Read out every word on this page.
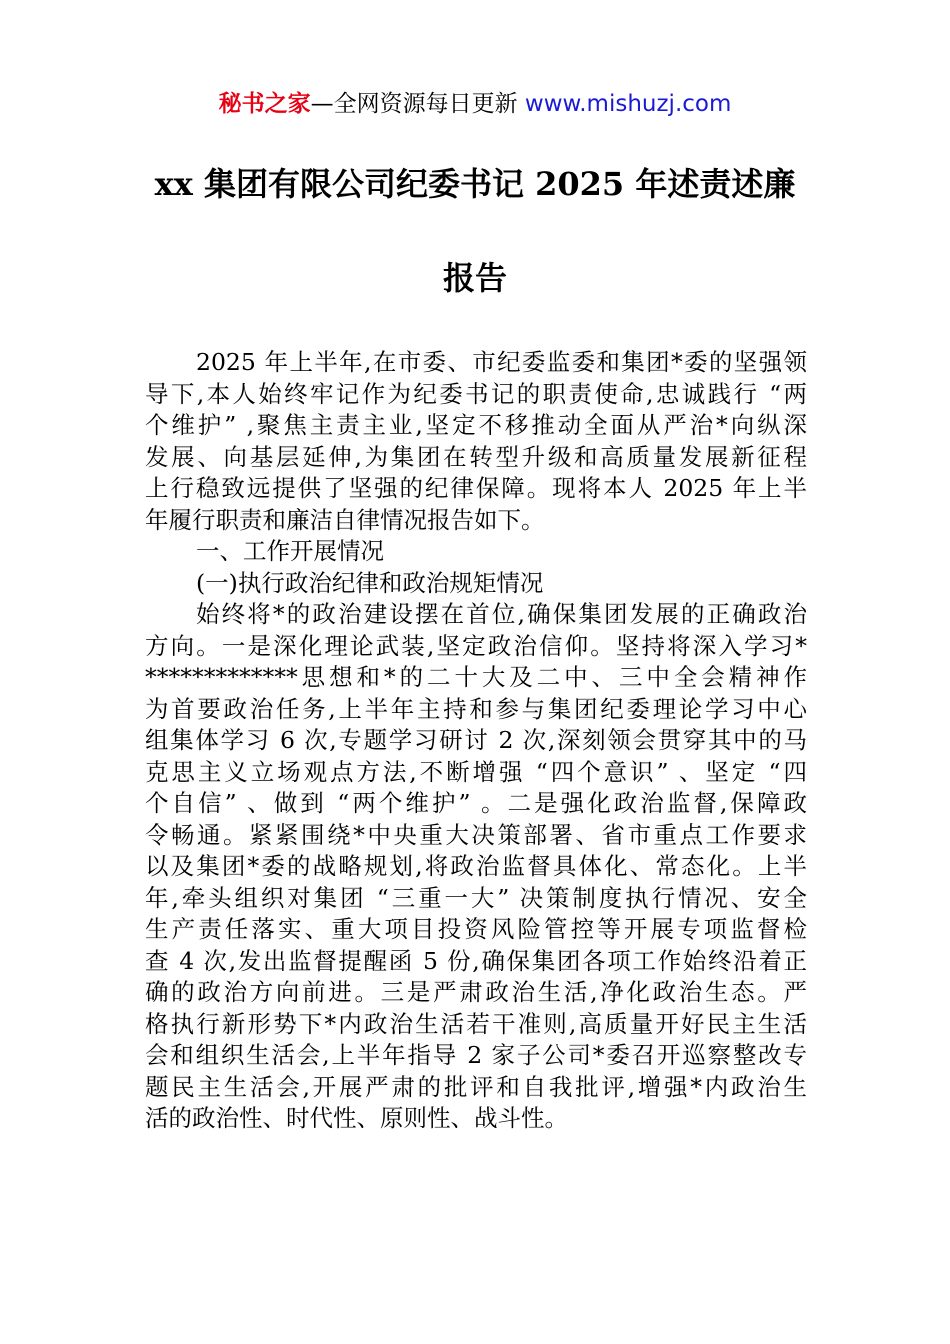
秘书之家—全网资源每日更新 www.mishuzj.com
xx 集团有限公司纪委书记 2025 年述责述廉
报告
2025 年上半年,在市委、市纪委监委和集团*委的坚强领
导下,本人始终牢记作为纪委书记的职责使命,忠诚践行 “两
个维护” ,聚焦主责主业,坚定不移推动全面从严治*向纵深
发展、向基层延伸,为集团在转型升级和高质量发展新征程
上行稳致远提供了坚强的纪律保障。现将本人 2025 年上半
年履行职责和廉洁自律情况报告如下。
一、工作开展情况
(一)执行政治纪律和政治规矩情况
始终将*的政治建设摆在首位,确保集团发展的正确政治
方向。一是深化理论武装,坚定政治信仰。坚持将深入学习*
*************思想和*的二十大及二中、三中全会精神作
为首要政治任务,上半年主持和参与集团纪委理论学习中心
组集体学习 6 次,专题学习研讨 2 次,深刻领会贯穿其中的马
克思主义立场观点方法,不断增强 “四个意识” 、坚定 “四
个自信” 、做到 “两个维护” 。二是强化政治监督,保障政
令畅通。紧紧围绕*中央重大决策部署、省市重点工作要求
以及集团*委的战略规划,将政治监督具体化、常态化。上半
年,牵头组织对集团 “三重一大” 决策制度执行情况、安全
生产责任落实、重大项目投资风险管控等开展专项监督检
查 4 次,发出监督提醒函 5 份,确保集团各项工作始终沿着正
确的政治方向前进。三是严肃政治生活,净化政治生态。严
格执行新形势下*内政治生活若干准则,高质量开好民主生活
会和组织生活会,上半年指导 2 家子公司*委召开巡察整改专
题民主生活会,开展严肃的批评和自我批评,增强*内政治生
活的政治性、时代性、原则性、战斗性。
